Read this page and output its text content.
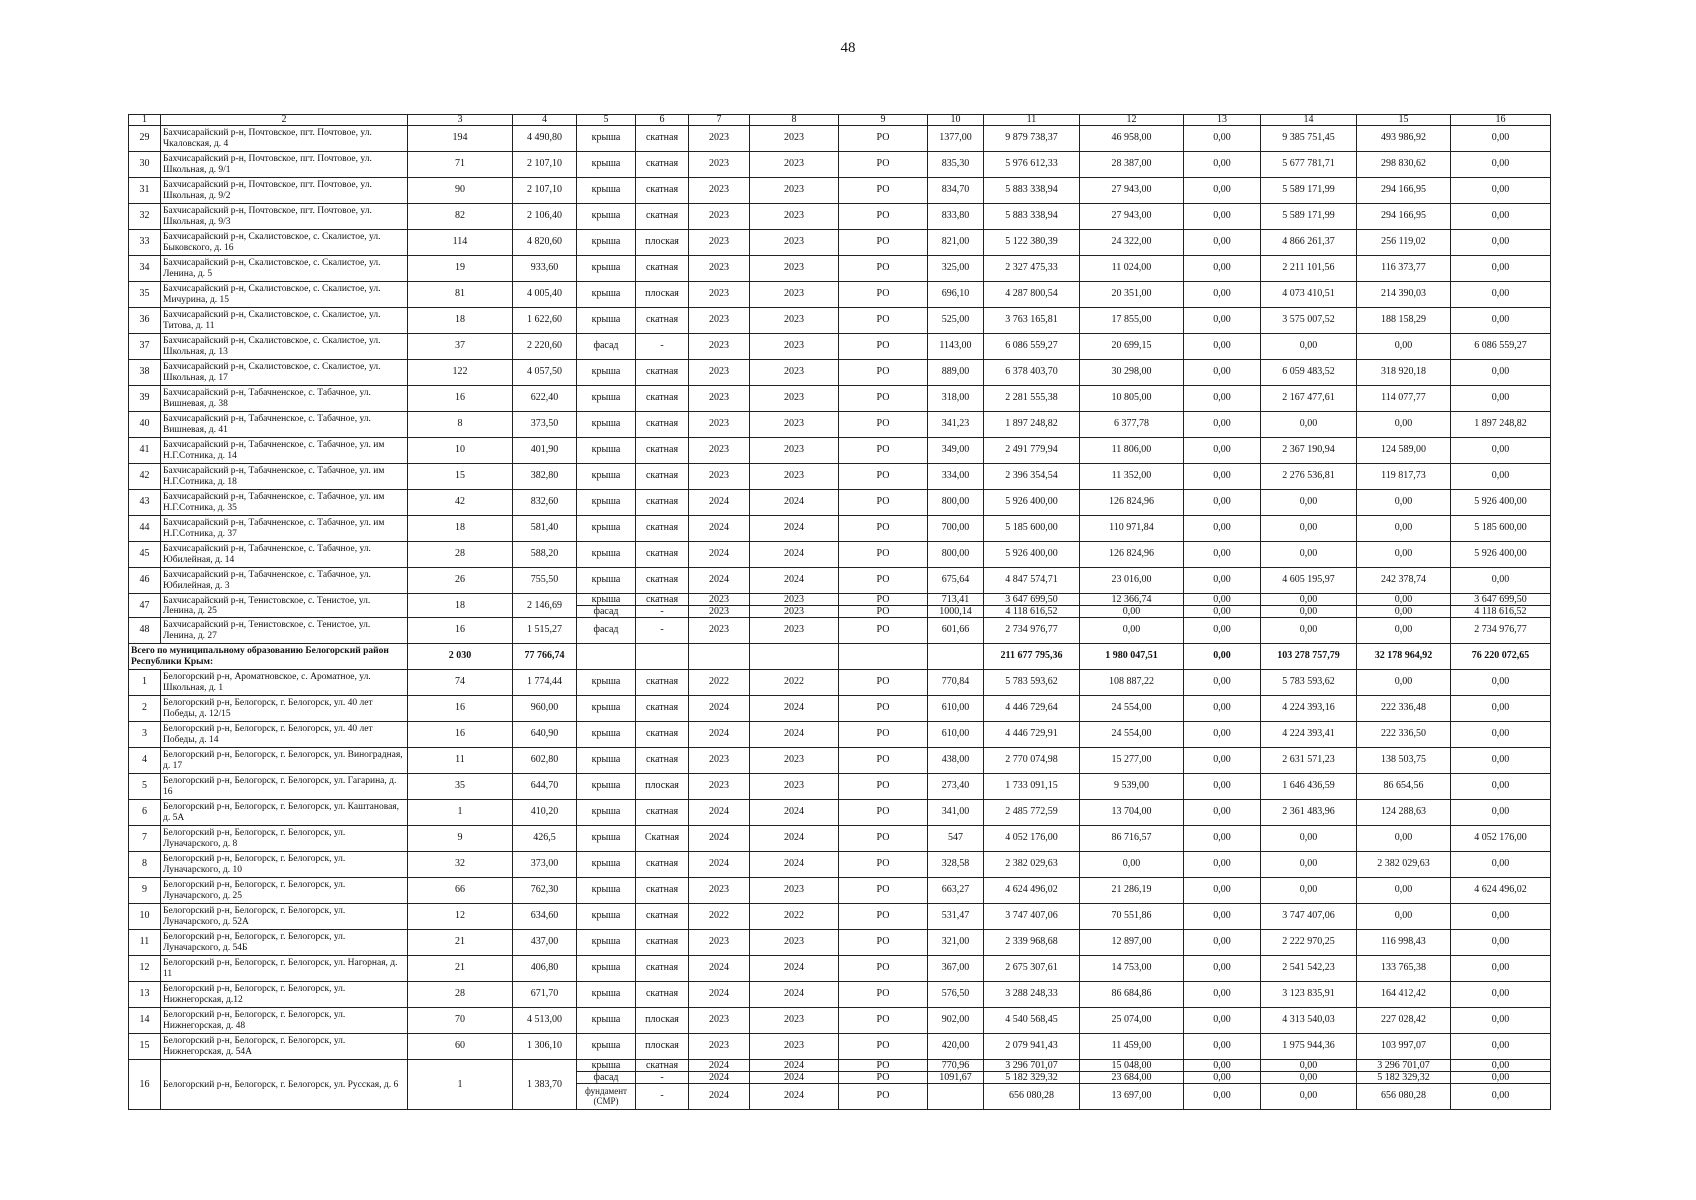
48
1	2	3	4	5	6	7	8	9	10	11	12	13	14	15	16
29	Бахчисарайский р-н, Почтовское, пгт. Почтовое, ул. Чкаловская, д. 4	194	4 490,80	крыша	скатная	2023	2023	РО	1377,00	9 879 738,37	46 958,00	0,00	9 385 751,45	493 986,92	0,00
30	Бахчисарайский р-н, Почтовское, пгт. Почтовое, ул. Школьная, д. 9/1	71	2 107,10	крыша	скатная	2023	2023	РО	835,30	5 976 612,33	28 387,00	0,00	5 677 781,71	298 830,62	0,00
31	Бахчисарайский р-н, Почтовское, пгт. Почтовое, ул. Школьная, д. 9/2	90	2 107,10	крыша	скатная	2023	2023	РО	834,70	5 883 338,94	27 943,00	0,00	5 589 171,99	294 166,95	0,00
32	Бахчисарайский р-н, Почтовское, пгт. Почтовое, ул. Школьная, д. 9/3	82	2 106,40	крыша	скатная	2023	2023	РО	833,80	5 883 338,94	27 943,00	0,00	5 589 171,99	294 166,95	0,00
33	Бахчисарайский р-н, Скалистовское, с. Скалистое, ул. Быковского, д. 16	114	4 820,60	крыша	плоская	2023	2023	РО	821,00	5 122 380,39	24 322,00	0,00	4 866 261,37	256 119,02	0,00
34	Бахчисарайский р-н, Скалистовское, с. Скалистое, ул. Ленина, д. 5	19	933,60	крыша	скатная	2023	2023	РО	325,00	2 327 475,33	11 024,00	0,00	2 211 101,56	116 373,77	0,00
35	Бахчисарайский р-н, Скалистовское, с. Скалистое, ул. Мичурина, д. 15	81	4 005,40	крыша	плоская	2023	2023	РО	696,10	4 287 800,54	20 351,00	0,00	4 073 410,51	214 390,03	0,00
36	Бахчисарайский р-н, Скалистовское, с. Скалистое, ул. Титова, д. 11	18	1 622,60	крыша	скатная	2023	2023	РО	525,00	3 763 165,81	17 855,00	0,00	3 575 007,52	188 158,29	0,00
37	Бахчисарайский р-н, Скалистовское, с. Скалистое, ул. Школьная, д. 13	37	2 220,60	фасад	-	2023	2023	РО	1143,00	6 086 559,27	20 699,15	0,00	0,00	0,00	6 086 559,27
38	Бахчисарайский р-н, Скалистовское, с. Скалистое, ул. Школьная, д. 17	122	4 057,50	крыша	скатная	2023	2023	РО	889,00	6 378 403,70	30 298,00	0,00	6 059 483,52	318 920,18	0,00
39	Бахчисарайский р-н, Табачненское, с. Табачное, ул. Вишневая, д. 38	16	622,40	крыша	скатная	2023	2023	РО	318,00	2 281 555,38	10 805,00	0,00	2 167 477,61	114 077,77	0,00
40	Бахчисарайский р-н, Табачненское, с. Табачное, ул. Вишневая, д. 41	8	373,50	крыша	скатная	2023	2023	РО	341,23	1 897 248,82	6 377,78	0,00	0,00	0,00	1 897 248,82
41	Бахчисарайский р-н, Табачненское, с. Табачное, ул. им Н.Г.Сотника, д. 14	10	401,90	крыша	скатная	2023	2023	РО	349,00	2 491 779,94	11 806,00	0,00	2 367 190,94	124 589,00	0,00
42	Бахчисарайский р-н, Табачненское, с. Табачное, ул. им Н.Г.Сотника, д. 18	15	382,80	крыша	скатная	2023	2023	РО	334,00	2 396 354,54	11 352,00	0,00	2 276 536,81	119 817,73	0,00
43	Бахчисарайский р-н, Табачненское, с. Табачное, ул. им Н.Г.Сотника, д. 35	42	832,60	крыша	скатная	2024	2024	РО	800,00	5 926 400,00	126 824,96	0,00	0,00	0,00	5 926 400,00
44	Бахчисарайский р-н, Табачненское, с. Табачное, ул. им Н.Г.Сотника, д. 37	18	581,40	крыша	скатная	2024	2024	РО	700,00	5 185 600,00	110 971,84	0,00	0,00	0,00	5 185 600,00
45	Бахчисарайский р-н, Табачненское, с. Табачное, ул. Юбилейная, д. 14	28	588,20	крыша	скатная	2024	2024	РО	800,00	5 926 400,00	126 824,96	0,00	0,00	0,00	5 926 400,00
46	Бахчисарайский р-н, Табачненское, с. Табачное, ул. Юбилейная, д. 3	26	755,50	крыша	скатная	2024	2024	РО	675,64	4 847 574,71	23 016,00	0,00	4 605 195,97	242 378,74	0,00
47	Бахчисарайский р-н, Тенистовское, с. Тенистое, ул. Ленина, д. 25	18	2 146,69	крыша	скатная	2023	2023	РО	713,41	3 647 699,50	12 366,74	0,00	0,00	0,00	3 647 699,50
				фасад	-	2023	2023	РО	1000,14	4 118 616,52	0,00	0,00	0,00	0,00	4 118 616,52
48	Бахчисарайский р-н, Тенистовское, с. Тенистое, ул. Ленина, д. 27	16	1 515,27	фасад	-	2023	2023	РО	601,66	2 734 976,77	0,00	0,00	0,00	0,00	2 734 976,77
Всего по муниципальному образованию Белогорский район Республики Крым:		2 030	77 766,74							211 677 795,36	1 980 047,51	0,00	103 278 757,79	32 178 964,92	76 220 072,65
1	Белогорский р-н, Ароматновское, с. Ароматное, ул. Школьная, д. 1	74	1 774,44	крыша	скатная	2022	2022	РО	770,84	5 783 593,62	108 887,22	0,00	5 783 593,62	0,00	0,00
2	Белогорский р-н, Белогорск, г. Белогорск, ул. 40 лет Победы, д. 12/15	16	960,00	крыша	скатная	2024	2024	РО	610,00	4 446 729,64	24 554,00	0,00	4 224 393,16	222 336,48	0,00
3	Белогорский р-н, Белогорск, г. Белогорск, ул. 40 лет Победы, д. 14	16	640,90	крыша	скатная	2024	2024	РО	610,00	4 446 729,91	24 554,00	0,00	4 224 393,41	222 336,50	0,00
4	Белогорский р-н, Белогорск, г. Белогорск, ул. Виноградная, д. 17	11	602,80	крыша	скатная	2023	2023	РО	438,00	2 770 074,98	15 277,00	0,00	2 631 571,23	138 503,75	0,00
5	Белогорский р-н, Белогорск, г. Белогорск, ул. Гагарина, д. 16	35	644,70	крыша	плоская	2023	2023	РО	273,40	1 733 091,15	9 539,00	0,00	1 646 436,59	86 654,56	0,00
6	Белогорский р-н, Белогорск, г. Белогорск, ул. Каштановая, д. 5А	1	410,20	крыша	скатная	2024	2024	РО	341,00	2 485 772,59	13 704,00	0,00	2 361 483,96	124 288,63	0,00
7	Белогорский р-н, Белогорск, г. Белогорск, ул. Луначарского, д. 8	9	426,5	крыша	Скатная	2024	2024	РО	547	4 052 176,00	86 716,57	0,00	0,00	0,00	4 052 176,00
8	Белогорский р-н, Белогорск, г. Белогорск, ул. Луначарского, д. 10	32	373,00	крыша	скатная	2024	2024	РО	328,58	2 382 029,63	0,00	0,00	0,00	2 382 029,63	0,00
9	Белогорский р-н, Белогорск, г. Белогорск, ул. Луначарского, д. 25	66	762,30	крыша	скатная	2023	2023	РО	663,27	4 624 496,02	21 286,19	0,00	0,00	0,00	4 624 496,02
10	Белогорский р-н, Белогорск, г. Белогорск, ул. Луначарского, д. 52А	12	634,60	крыша	скатная	2022	2022	РО	531,47	3 747 407,06	70 551,86	0,00	3 747 407,06	0,00	0,00
11	Белогорский р-н, Белогорск, г. Белогорск, ул. Луначарского, д. 54Б	21	437,00	крыша	скатная	2023	2023	РО	321,00	2 339 968,68	12 897,00	0,00	2 222 970,25	116 998,43	0,00
12	Белогорский р-н, Белогорск, г. Белогорск, ул. Нагорная, д. 11	21	406,80	крыша	скатная	2024	2024	РО	367,00	2 675 307,61	14 753,00	0,00	2 541 542,23	133 765,38	0,00
13	Белогорский р-н, Белогорск, г. Белогорск, ул. Нижнегорская, д.12	28	671,70	крыша	скатная	2024	2024	РО	576,50	3 288 248,33	86 684,86	0,00	3 123 835,91	164 412,42	0,00
14	Белогорский р-н, Белогорск, г. Белогорск, ул. Нижнегорская, д. 48	70	4 513,00	крыша	плоская	2023	2023	РО	902,00	4 540 568,45	25 074,00	0,00	4 313 540,03	227 028,42	0,00
15	Белогорский р-н, Белогорск, г. Белогорск, ул. Нижнегорская, д. 54А	60	1 306,10	крыша	плоская	2023	2023	РО	420,00	2 079 941,43	11 459,00	0,00	1 975 944,36	103 997,07	0,00
16	Белогорский р-н, Белогорск, г. Белогорск, ул. Русская, д. 6	1	1 383,70	крыша	скатная	2024	2024	РО	770,96	3 296 701,07	15 048,00	0,00	0,00	3 296 701,07	0,00
				фасад	-	2024	2024	РО	1091,67	5 182 329,32	23 684,00	0,00	0,00	5 182 329,32	0,00
				фундамент (СМР)	-	2024	2024	РО		656 080,28	13 697,00	0,00	0,00	656 080,28	0,00
